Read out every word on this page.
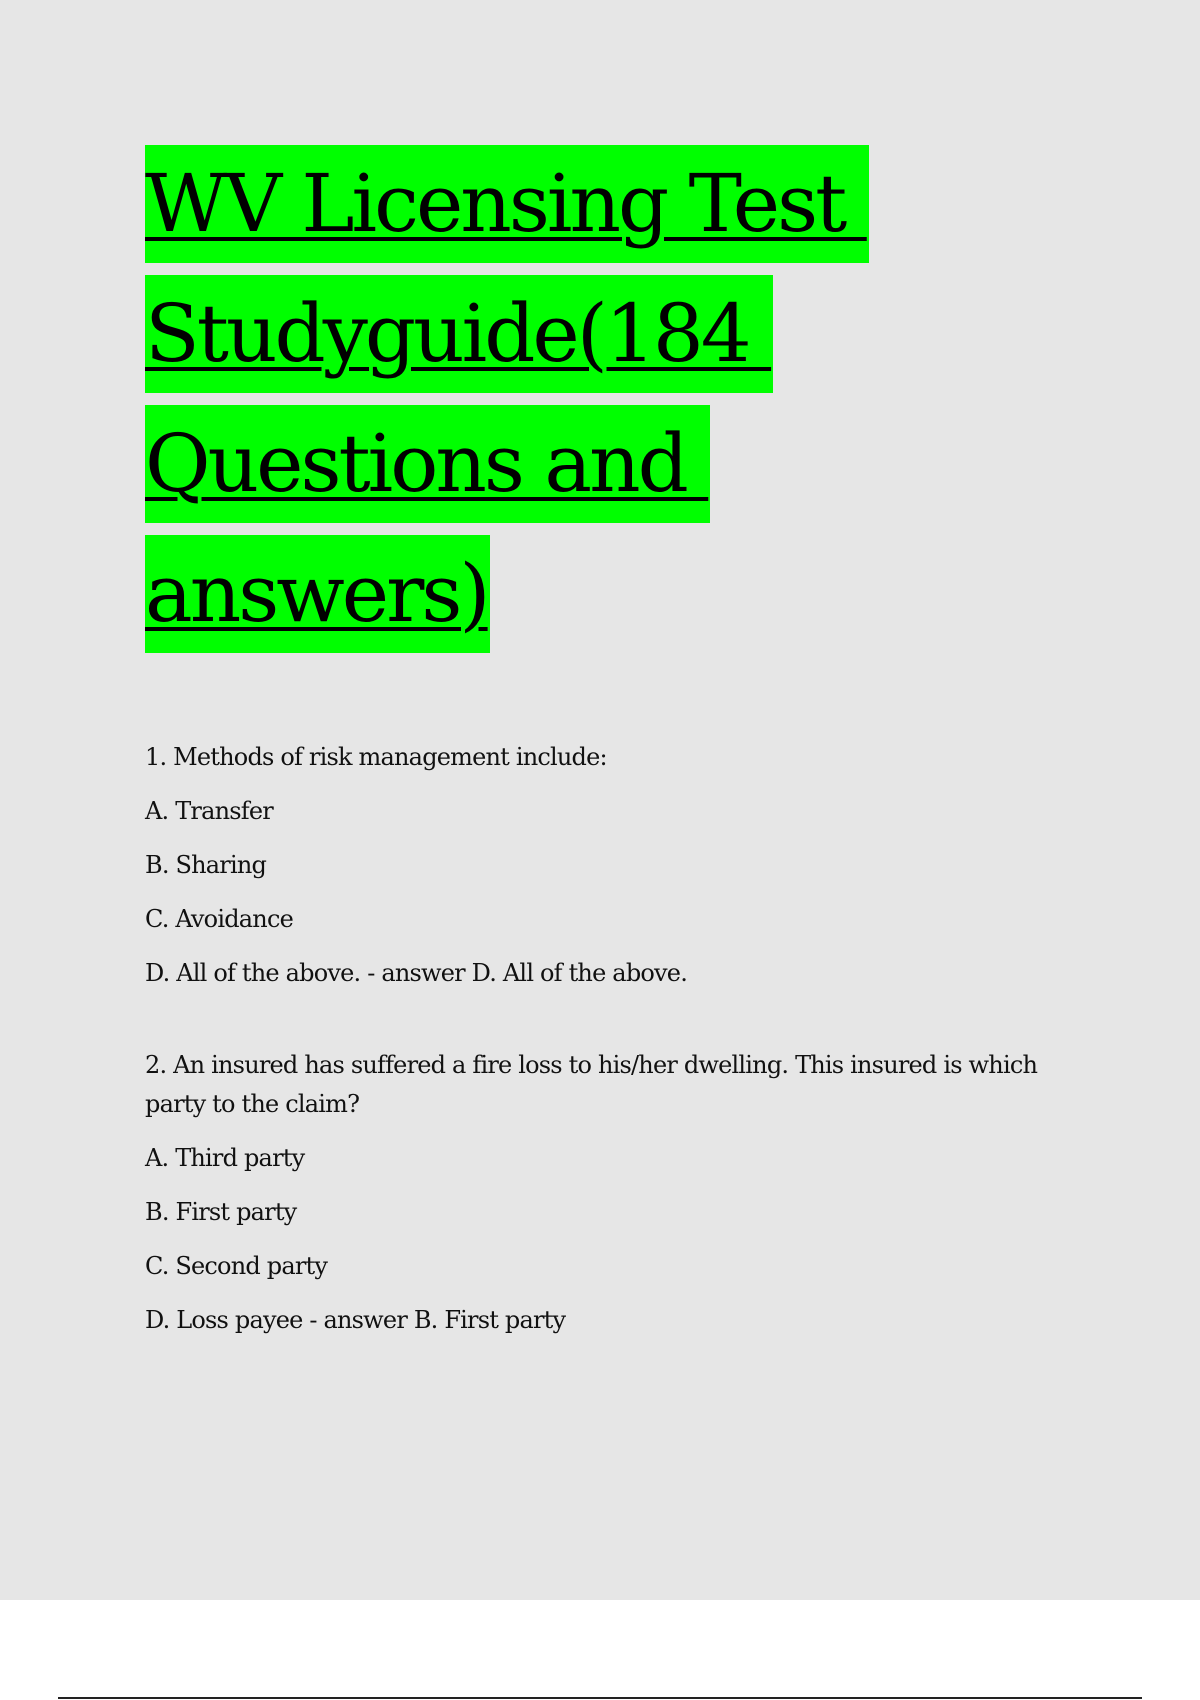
WV Licensing Test
Studyguide(184
Questions and
answers)

1. Methods of risk management include:

A. Transfer

B. Sharing

C. Avoidance

D. All of the above. - answer D. All of the above.

2. An insured has suffered a fire loss to his/her dwelling. This insured is which party to the claim?

A. Third party

B. First party

C. Second party

D. Loss payee - answer B. First party
